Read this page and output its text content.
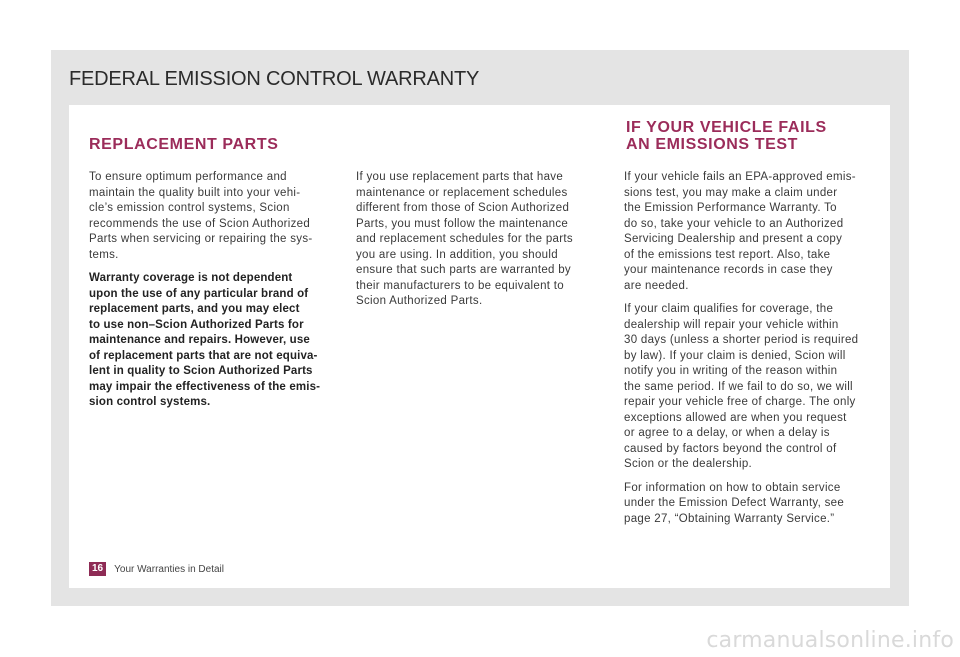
FEDERAL EMISSION CONTROL WARRANTY
REPLACEMENT PARTS
IF YOUR VEHICLE FAILS
AN EMISSIONS TEST

To ensure optimum performance and
maintain the quality built into your vehi-
cle’s emission control systems, Scion
recommends the use of Scion Authorized
Parts when servicing or repairing the sys-
tems.

Warranty coverage is not dependent
upon the use of any particular brand of
replacement parts, and you may elect
to use non–Scion Authorized Parts for
maintenance and repairs. However, use
of replacement parts that are not equiva-
lent in quality to Scion Authorized Parts
may impair the effectiveness of the emis-
sion control systems.

If you use replacement parts that have
maintenance or replacement schedules
different from those of Scion Authorized
Parts, you must follow the maintenance
and replacement schedules for the parts
you are using. In addition, you should
ensure that such parts are warranted by
their manufacturers to be equivalent to
Scion Authorized Parts.

If your vehicle fails an EPA-approved emis-
sions test, you may make a claim under
the Emission Performance Warranty. To
do so, take your vehicle to an Authorized
Servicing Dealership and present a copy
of the emissions test report. Also, take
your maintenance records in case they
are needed.

If your claim qualifies for coverage, the
dealership will repair your vehicle within
30 days (unless a shorter period is required
by law). If your claim is denied, Scion will
notify you in writing of the reason within
the same period. If we fail to do so, we will
repair your vehicle free of charge. The only
exceptions allowed are when you request
or agree to a delay, or when a delay is
caused by factors beyond the control of
Scion or the dealership.

For information on how to obtain service
under the Emission Defect Warranty, see
page 27, “Obtaining Warranty Service.”

16	Your Warranties in Detail
carmanualsonline.info
